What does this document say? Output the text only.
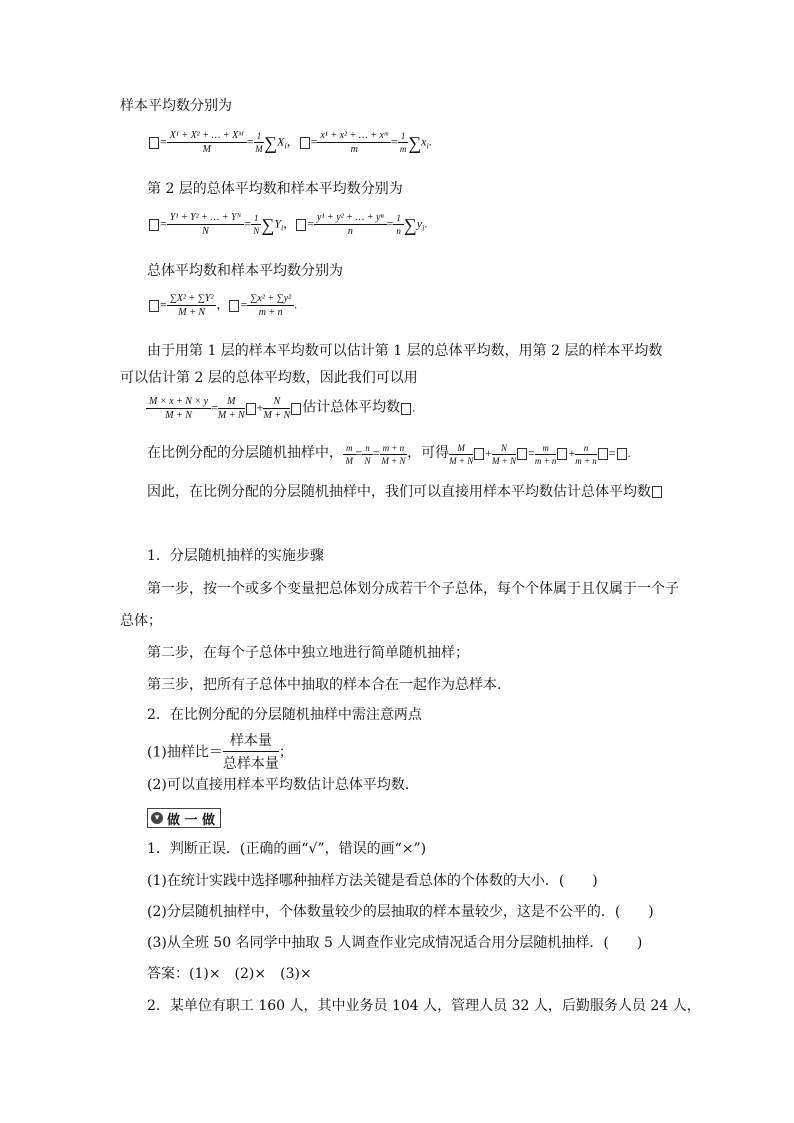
样本平均数分别为
= $\frac{\text{X¹ + X² + … + Xᴹ}}{M} = \frac{1}{M} \sum X_i$， = $\frac{\text{x¹ + x² + … + xᵐ}}{m} = \frac{1}{m} \sum x_i$.
第 2 层的总体平均数和样本平均数分别为
= $\frac{\text{Y¹ + Y² + … + Yᴺ}}{N} = \frac{1}{N} \sum Y_i$， = $\frac{\text{y¹ + y² + … + yⁿ}}{n} = \frac{1}{n} \sum y_i$.
总体平均数和样本平均数分别为
= $\frac{\text{∑X² + ∑Y²}}{M + N}$ ， = $\frac{\text{∑x² + ∑y²}}{m + n}$ .
由于用第 1 层的样本平均数可以估计第 1 层的总体平均数，用第 2 层的样本平均数
可以估计第 2 层的总体平均数，因此我们可以用
$\frac{M \times x + N \times y}{M + N} = \frac{M}{M + N} + \frac{N}{M + N}$ 估计总体平均数 .
在比例分配的分层随机抽样中， $\frac{m}{M} = \frac{n}{N} = \frac{m + n}{M + N}$ ，可得 $\frac{M}{M + N} + \frac{N}{M + N} = \frac{m}{m + n} + \frac{n}{m + n}$ = .
因此，在比例分配的分层随机抽样中，我们可以直接用样本平均数估计总体平均数
1．分层随机抽样的实施步骤
第一步，按一个或多个变量把总体划分成若干个子总体，每个个体属于且仅属于一个子
总体；
第二步，在每个子总体中独立地进行简单随机抽样；
第三步，把所有子总体中抽取的样本合在一起作为总样本.
2．在比例分配的分层随机抽样中需注意两点
(1)抽样比＝ $\frac{\text{样本量}}{\text{总样本量}}$ ；
(2)可以直接用样本平均数估计总体平均数.
▾ 做 一 做
1．判断正误．(正确的画“√”，错误的画“×”)
(1)在统计实践中选择哪种抽样方法关键是看总体的个体数的大小．(　　)
(2)分层随机抽样中，个体数量较少的层抽取的样本量较少，这是不公平的．(　　)
(3)从全班 50 名同学中抽取 5 人调查作业完成情况适合用分层随机抽样．(　　)
答案：(1)×　(2)×　(3)×
2．某单位有职工 160 人，其中业务员 104 人，管理人员 32 人，后勤服务人员 24 人，
